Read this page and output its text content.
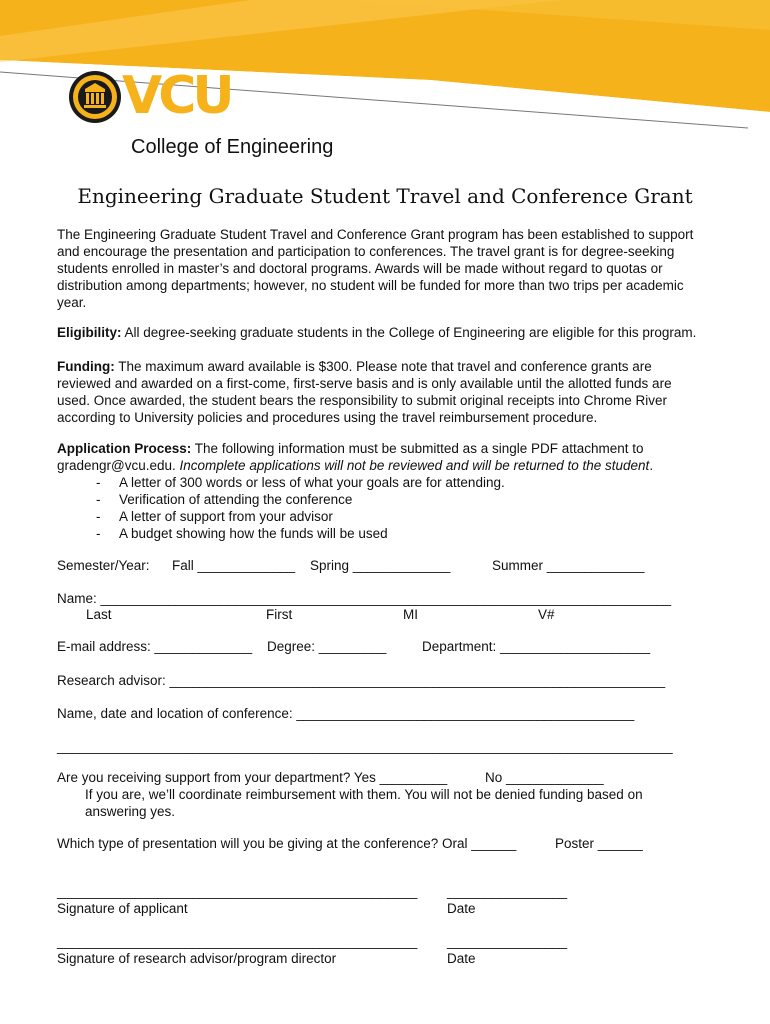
VCU
College of Engineering
Engineering Graduate Student Travel and Conference Grant
The Engineering Graduate Student Travel and Conference Grant program has been established to support
and encourage the presentation and participation to conferences. The travel grant is for degree-seeking
students enrolled in master’s and doctoral programs. Awards will be made without regard to quotas or
distribution among departments; however, no student will be funded for more than two trips per academic
year.
Eligibility: All degree-seeking graduate students in the College of Engineering are eligible for this program.
Funding: The maximum award available is $300. Please note that travel and conference grants are
reviewed and awarded on a first-come, first-serve basis and is only available until the allotted funds are
used. Once awarded, the student bears the responsibility to submit original receipts into Chrome River
according to University policies and procedures using the travel reimbursement procedure.
Application Process: The following information must be submitted as a single PDF attachment to
gradengr@vcu.edu. Incomplete applications will not be reviewed and will be returned to the student.
- A letter of 300 words or less of what your goals are for attending.
- Verification of attending the conference
- A letter of support from your advisor
- A budget showing how the funds will be used
Semester/Year: Fall _____________ Spring _____________	Summer _____________
Name: ____________________________________________________________________________
Last	First	MI	V#
E-mail address: _____________ Degree: _________	Department: ____________________
Research advisor: __________________________________________________________________
Name, date and location of conference: _____________________________________________
__________________________________________________________________________________
Are you receiving support from your department? Yes _________	No _____________
If you are, we’ll coordinate reimbursement with them. You will not be denied funding based on
answering yes.
Which type of presentation will you be giving at the conference? Oral ______	Poster ______
________________________________________________ ________________
Signature of applicant	Date
________________________________________________ ________________
Signature of research advisor/program director	Date
